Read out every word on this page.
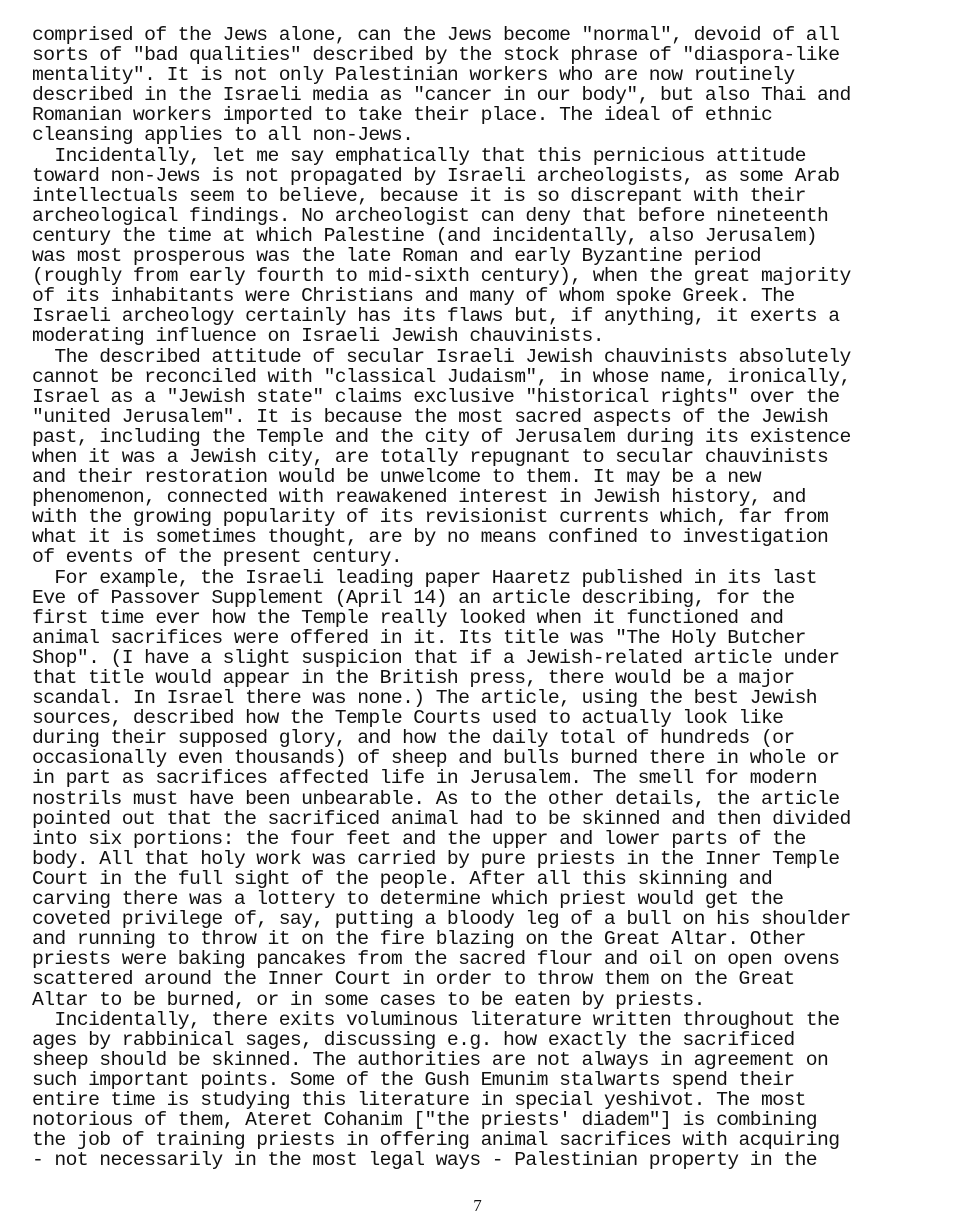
comprised of the Jews alone, can the Jews become "normal", devoid of all
sorts of "bad qualities" described by the stock phrase of "diaspora-like
mentality". It is not only Palestinian workers who are now routinely
described in the Israeli media as "cancer in our body", but also Thai and
Romanian workers imported to take their place. The ideal of ethnic
cleansing applies to all non-Jews.
Incidentally, let me say emphatically that this pernicious attitude
toward non-Jews is not propagated by Israeli archeologists, as some Arab
intellectuals seem to believe, because it is so discrepant with their
archeological findings. No archeologist can deny that before nineteenth
century the time at which Palestine (and incidentally, also Jerusalem)
was most prosperous was the late Roman and early Byzantine period
(roughly from early fourth to mid-sixth century), when the great majority
of its inhabitants were Christians and many of whom spoke Greek. The
Israeli archeology certainly has its flaws but, if anything, it exerts a
moderating influence on Israeli Jewish chauvinists.
The described attitude of secular Israeli Jewish chauvinists absolutely
cannot be reconciled with "classical Judaism", in whose name, ironically,
Israel as a "Jewish state" claims exclusive "historical rights" over the
"united Jerusalem". It is because the most sacred aspects of the Jewish
past, including the Temple and the city of Jerusalem during its existence
when it was a Jewish city, are totally repugnant to secular chauvinists
and their restoration would be unwelcome to them. It may be a new
phenomenon, connected with reawakened interest in Jewish history, and
with the growing popularity of its revisionist currents which, far from
what it is sometimes thought, are by no means confined to investigation
of events of the present century.
For example, the Israeli leading paper Haaretz published in its last
Eve of Passover Supplement (April 14) an article describing, for the
first time ever how the Temple really looked when it functioned and
animal sacrifices were offered in it. Its title was "The Holy Butcher
Shop". (I have a slight suspicion that if a Jewish-related article under
that title would appear in the British press, there would be a major
scandal. In Israel there was none.) The article, using the best Jewish
sources, described how the Temple Courts used to actually look like
during their supposed glory, and how the daily total of hundreds (or
occasionally even thousands) of sheep and bulls burned there in whole or
in part as sacrifices affected life in Jerusalem. The smell for modern
nostrils must have been unbearable. As to the other details, the article
pointed out that the sacrificed animal had to be skinned and then divided
into six portions: the four feet and the upper and lower parts of the
body. All that holy work was carried by pure priests in the Inner Temple
Court in the full sight of the people. After all this skinning and
carving there was a lottery to determine which priest would get the
coveted privilege of, say, putting a bloody leg of a bull on his shoulder
and running to throw it on the fire blazing on the Great Altar. Other
priests were baking pancakes from the sacred flour and oil on open ovens
scattered around the Inner Court in order to throw them on the Great
Altar to be burned, or in some cases to be eaten by priests.
Incidentally, there exits voluminous literature written throughout the
ages by rabbinical sages, discussing e.g. how exactly the sacrificed
sheep should be skinned. The authorities are not always in agreement on
such important points. Some of the Gush Emunim stalwarts spend their
entire time is studying this literature in special yeshivot. The most
notorious of them, Ateret Cohanim ["the priests' diadem"] is combining
the job of training priests in offering animal sacrifices with acquiring
- not necessarily in the most legal ways - Palestinian property in the
7
